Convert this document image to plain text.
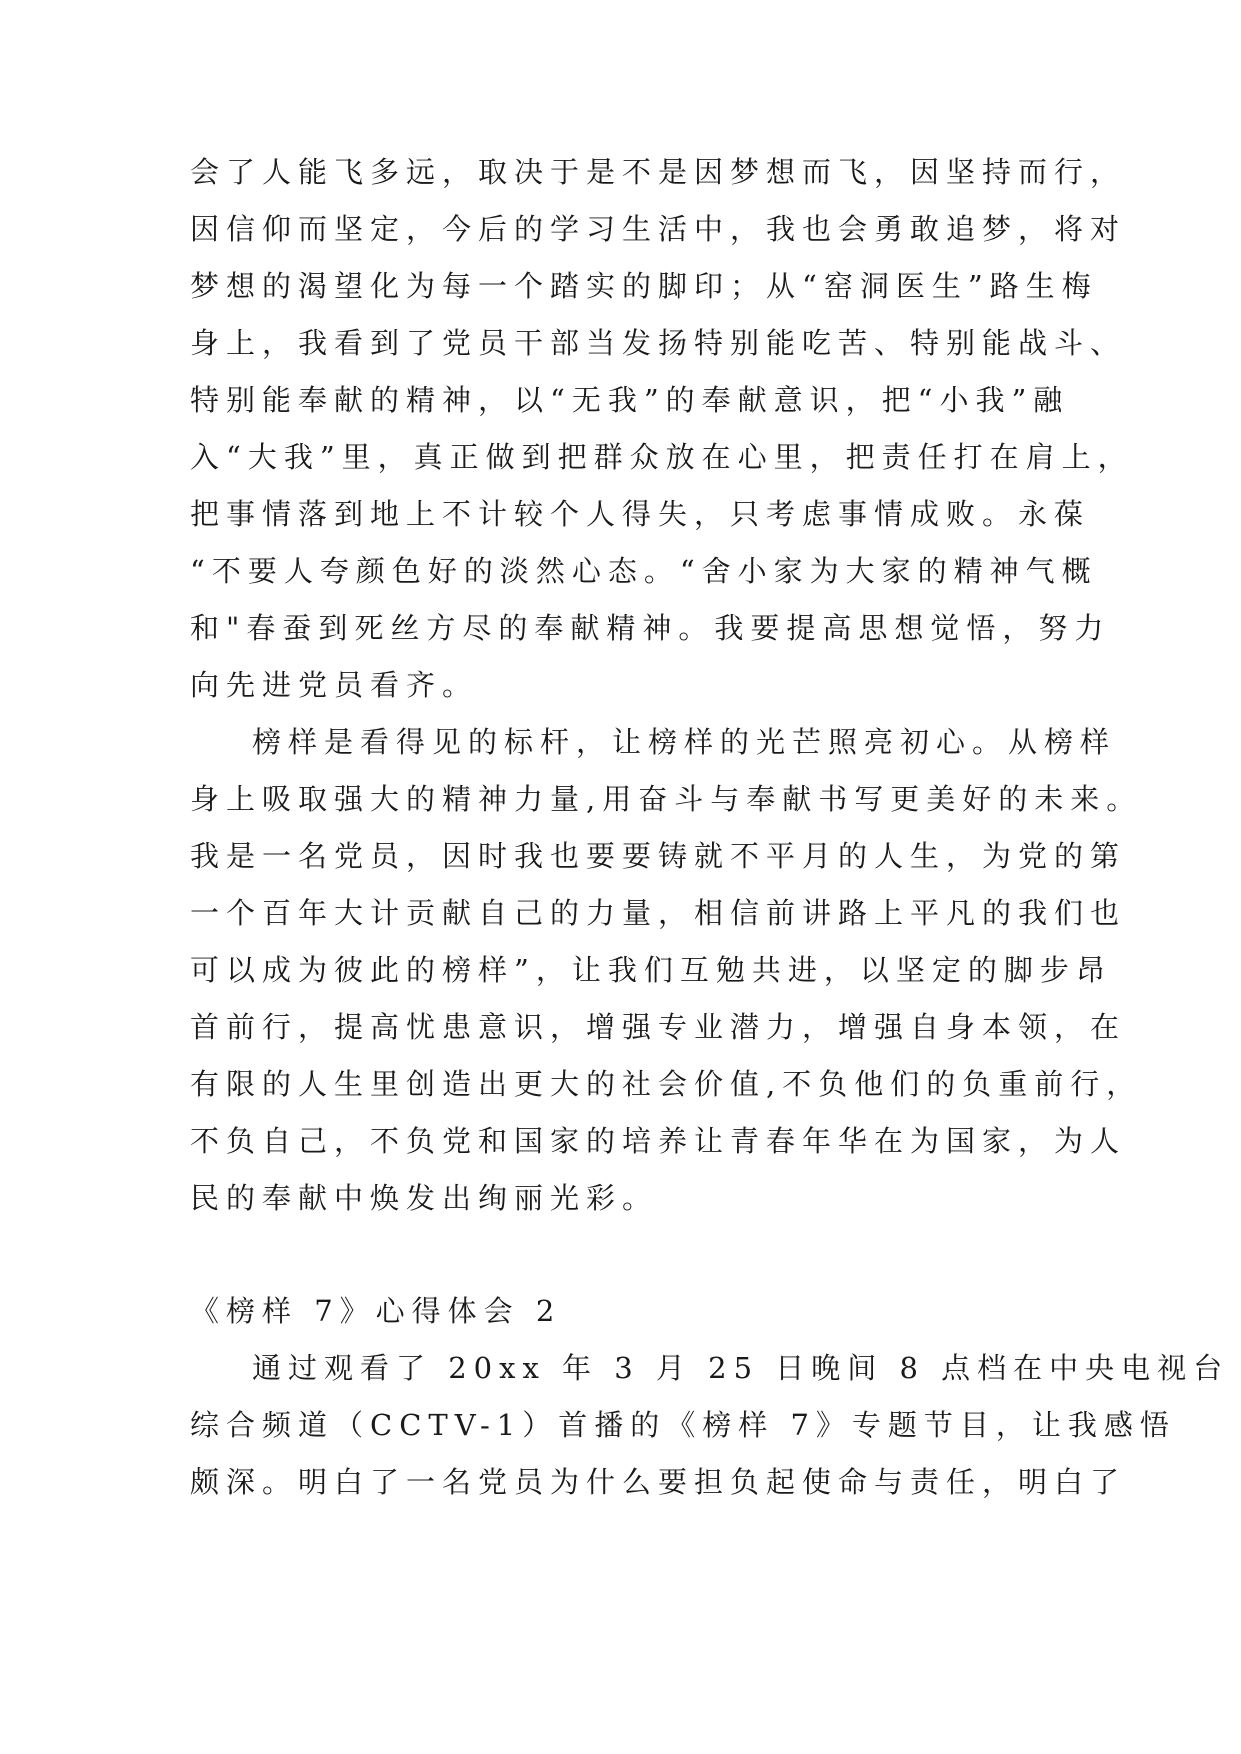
会了人能飞多远，取决于是不是因梦想而飞，因坚持而行，
因信仰而坚定，今后的学习生活中，我也会勇敢追梦，将对
梦想的渴望化为每一个踏实的脚印；从“窑洞医生”路生梅
身上，我看到了党员干部当发扬特别能吃苦、特别能战斗、
特别能奉献的精神，以“无我”的奉献意识，把“小我”融
入“大我”里，真正做到把群众放在心里，把责任打在肩上，
把事情落到地上不计较个人得失，只考虑事情成败。永葆
“不要人夸颜色好的淡然心态。“舍小家为大家的精神气概
和"春蚕到死丝方尽的奉献精神。我要提高思想觉悟，努力
向先进党员看齐。
榜样是看得见的标杆，让榜样的光芒照亮初心。从榜样
身上吸取强大的精神力量,用奋斗与奉献书写更美好的未来。
我是一名党员，因时我也要要铸就不平月的人生，为党的第
一个百年大计贡献自己的力量，相信前讲路上平凡的我们也
可以成为彼此的榜样”，让我们互勉共进，以坚定的脚步昂
首前行，提高忧患意识，增强专业潜力，增强自身本领，在
有限的人生里创造出更大的社会价值,不负他们的负重前行，
不负自己，不负党和国家的培养让青春年华在为国家，为人
民的奉献中焕发出绚丽光彩。
《榜样 7》心得体会 2
通过观看了 20xx 年 3 月 25 日晚间 8 点档在中央电视台
综合频道（CCTV-1）首播的《榜样 7》专题节目，让我感悟
颇深。明白了一名党员为什么要担负起使命与责任，明白了
